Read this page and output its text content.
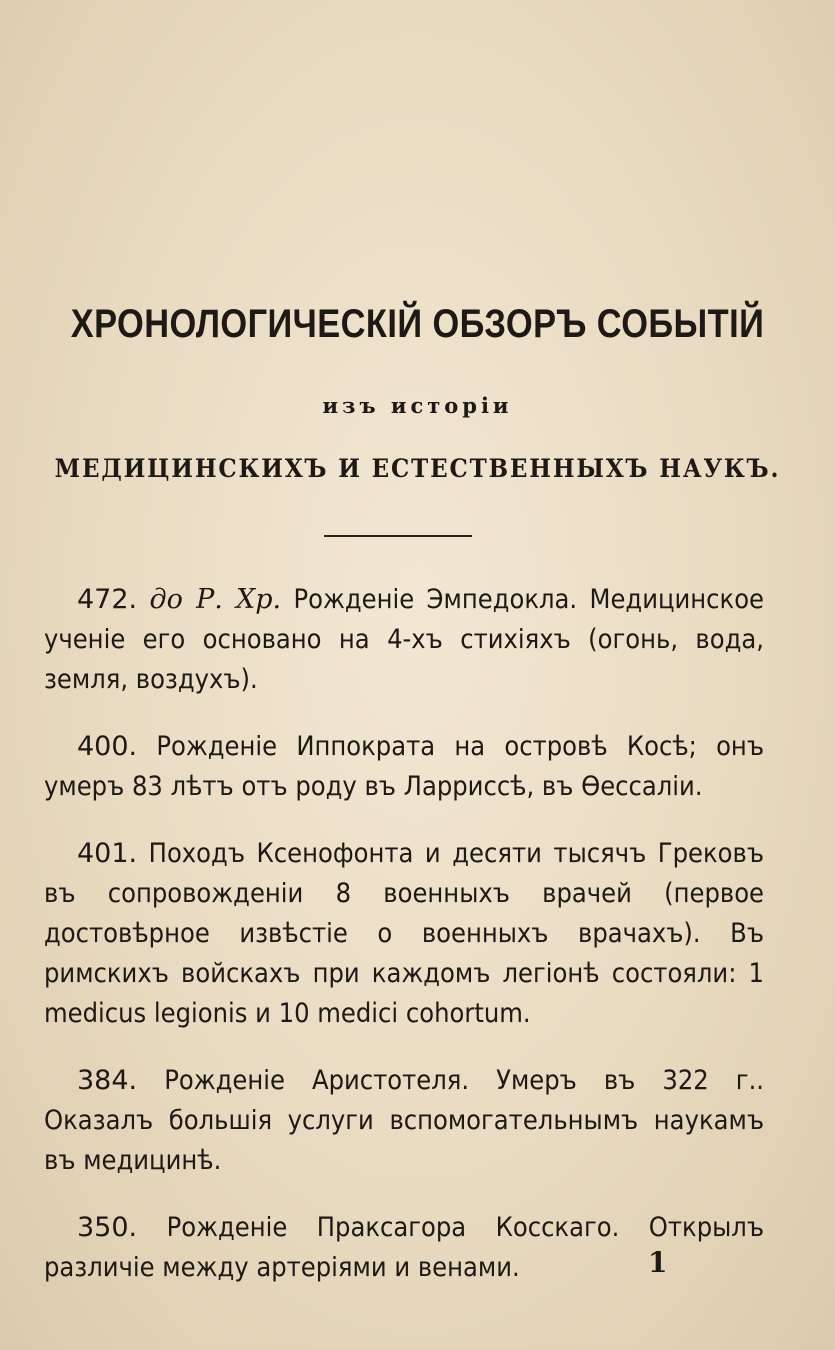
ХРОНОЛОГИЧЕСКІЙ ОБЗОРЪ СОБЫТІЙ
изъ исторіи
МЕДИЦИНСКИХЪ И ЕСТЕСТВЕННЫХЪ НАУКЪ.

472. до Р. Хр. Рожденіе Эмпедокла. Медицинское ученіе его основано на 4-хъ стихіяхъ (огонь, вода, земля, воздухъ).

400. Рожденіе Иппократа на островѣ Косѣ; онъ умеръ 83 лѣтъ отъ роду въ Ларриссѣ, въ Ѳессаліи.

401. Походъ Ксенофонта и десяти тысячъ Грековъ въ сопровожденіи 8 военныхъ врачей (первое достовѣрное извѣстіе о военныхъ врачахъ). Въ римскихъ войскахъ при каждомъ легіонѣ состояли: 1 medicus legionis и 10 medici cohortum.

384. Рожденіе Аристотеля. Умеръ въ 322 г.. Оказалъ большія услуги вспомогательнымъ наукамъ въ медицинѣ.

350. Рожденіе Праксагора Косскаго. Открылъ различіе между артеріями и венами.	1
